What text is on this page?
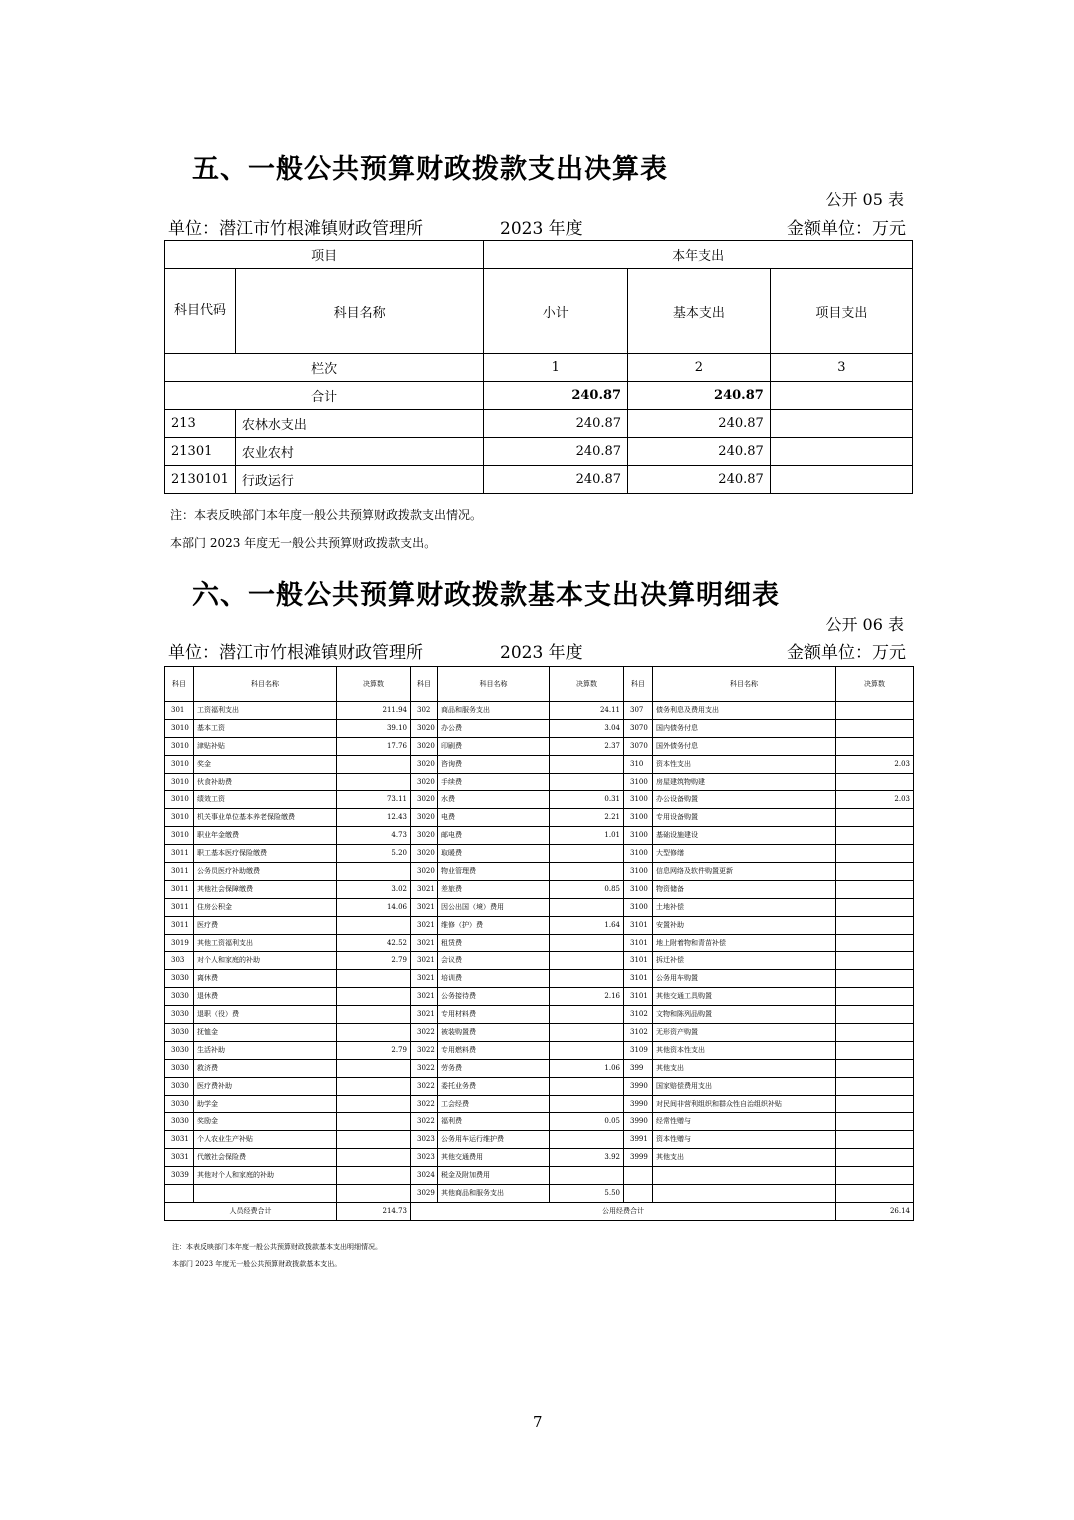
五、一般公共预算财政拨款支出决算表
公开 05 表
单位：潜江市竹根滩镇财政管理所	2023 年度	金额单位：万元
项目		本年支出		
科目代码	科目名称	小计	基本支出	项目支出
栏次		1	2	3
合计		240.87	240.87	
213	农林水支出	240.87	240.87	
21301	农业农村	240.87	240.87	
2130101	行政运行	240.87	240.87	
注：本表反映部门本年度一般公共预算财政拨款支出情况。
本部门 2023 年度无一般公共预算财政拨款支出。
六、一般公共预算财政拨款基本支出决算明细表
公开 06 表
单位：潜江市竹根滩镇财政管理所	2023 年度	金额单位：万元
科目	科目名称	决算数	科目	科目名称	决算数	科目	科目名称	决算数
301	工资福利支出	211.94	302	商品和服务支出	24.11	307	债务利息及费用支出	
3010	基本工资	39.10	3020	办公费	3.04	3070	国内债务付息	
3010	津贴补贴	17.76	3020	印刷费	2.37	3070	国外债务付息	
3010	奖金		3020	咨询费		310	资本性支出	2.03
3010	伙食补助费		3020	手续费		3100	房屋建筑物购建	
3010	绩效工资	73.11	3020	水费	0.31	3100	办公设备购置	2.03
3010	机关事业单位基本养老保险缴费	12.43	3020	电费	2.21	3100	专用设备购置	
3010	职业年金缴费	4.73	3020	邮电费	1.01	3100	基础设施建设	
3011	职工基本医疗保险缴费	5.20	3020	取暖费		3100	大型修缮	
3011	公务员医疗补助缴费		3020	物业管理费		3100	信息网络及软件购置更新	
3011	其他社会保障缴费	3.02	3021	差旅费	0.85	3100	物资储备	
3011	住房公积金	14.06	3021	因公出国（境）费用		3100	土地补偿	
3011	医疗费		3021	维修（护）费	1.64	3101	安置补助	
3019	其他工资福利支出	42.52	3021	租赁费		3101	地上附着物和青苗补偿	
303	对个人和家庭的补助	2.79	3021	会议费		3101	拆迁补偿	
3030	离休费		3021	培训费		3101	公务用车购置	
3030	退休费		3021	公务接待费	2.16	3101	其他交通工具购置	
3030	退职（役）费		3021	专用材料费		3102	文物和陈列品购置	
3030	抚恤金		3022	被装购置费		3102	无形资产购置	
3030	生活补助	2.79	3022	专用燃料费		3109	其他资本性支出	
3030	救济费		3022	劳务费	1.06	399	其他支出	
3030	医疗费补助		3022	委托业务费		3990	国家赔偿费用支出	
3030	助学金		3022	工会经费		3990	对民间非营利组织和群众性自治组织补贴	
3030	奖励金		3022	福利费	0.05	3990	经常性赠与	
3031	个人农业生产补贴		3023	公务用车运行维护费		3991	资本性赠与	
3031	代缴社会保险费		3023	其他交通费用	3.92	3999	其他支出	
3039	其他对个人和家庭的补助		3024	税金及附加费用				
			3029	其他商品和服务支出	5.50			
人员经费合计		214.73	公用经费合计					26.14
注：本表反映部门本年度一般公共预算财政拨款基本支出明细情况。
本部门 2023 年度无一般公共预算财政拨款基本支出。
7
